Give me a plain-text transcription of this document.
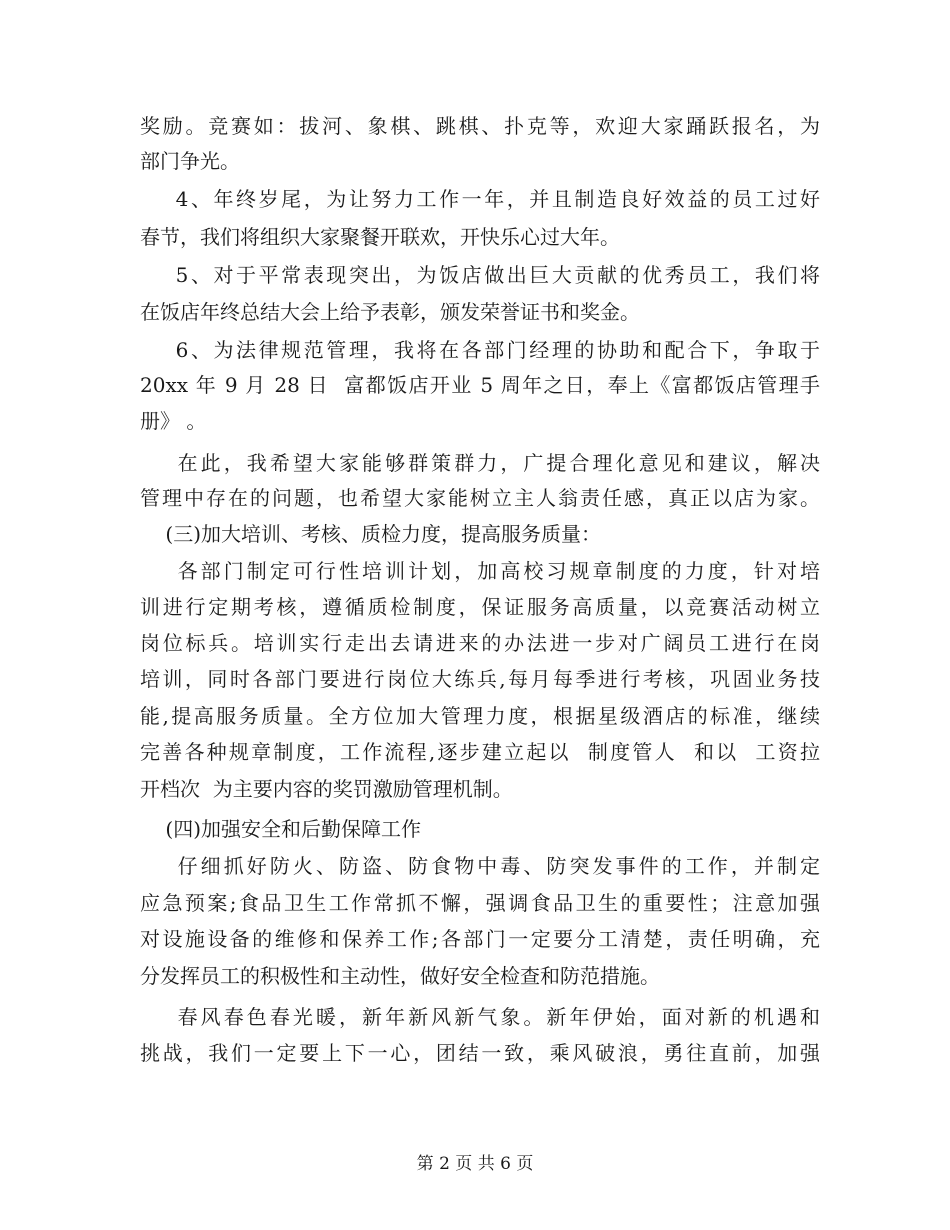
奖励。竞赛如：拔河、象棋、跳棋、扑克等，欢迎大家踊跃报名，为
部门争光。
4、年终岁尾，为让努力工作一年，并且制造良好效益的员工过好
春节，我们将组织大家聚餐开联欢，开快乐心过大年。
5、对于平常表现突出，为饭店做出巨大贡献的优秀员工，我们将
在饭店年终总结大会上给予表彰，颁发荣誉证书和奖金。
6、为法律规范管理，我将在各部门经理的协助和配合下，争取于
20xx 年 9 月 28 日  富都饭店开业 5 周年之日，奉上《富都饭店管理手
册》 。
在此，我希望大家能够群策群力，广提合理化意见和建议，解决
管理中存在的问题，也希望大家能树立主人翁责任感，真正以店为家。
(三)加大培训、考核、质检力度，提高服务质量：
各部门制定可行性培训计划，加高校习规章制度的力度，针对培
训进行定期考核，遵循质检制度，保证服务高质量，以竞赛活动树立
岗位标兵。培训实行走出去请进来的办法进一步对广阔员工进行在岗
培训，同时各部门要进行岗位大练兵,每月每季进行考核，巩固业务技
能,提高服务质量。全方位加大管理力度，根据星级酒店的标准，继续
完善各种规章制度，工作流程,逐步建立起以  制度管人  和以  工资拉
开档次  为主要内容的奖罚激励管理机制。
(四)加强安全和后勤保障工作
仔细抓好防火、防盗、防食物中毒、防突发事件的工作，并制定
应急预案;食品卫生工作常抓不懈，强调食品卫生的重要性；注意加强
对设施设备的维修和保养工作;各部门一定要分工清楚，责任明确，充
分发挥员工的积极性和主动性，做好安全检查和防范措施。
春风春色春光暖，新年新风新气象。新年伊始，面对新的机遇和
挑战，我们一定要上下一心，团结一致，乘风破浪，勇往直前，加强
第 2 页 共 6 页
